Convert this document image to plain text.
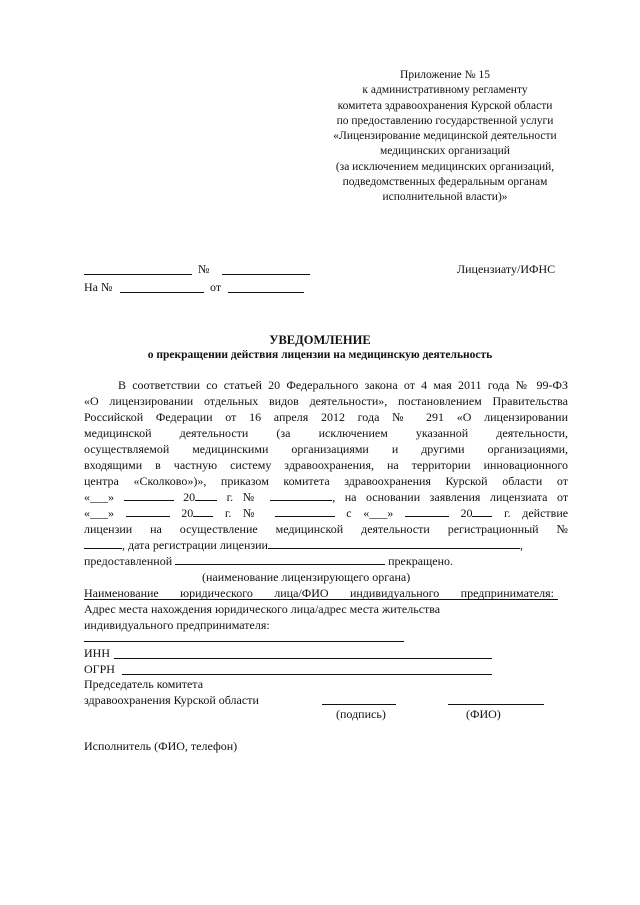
Приложение № 15
к административному регламенту
комитета здравоохранения Курской области
по предоставлению государственной услуги
«Лицензирование медицинской деятельности
медицинских организаций
(за исключением медицинских организаций,
подведомственных федеральным органам
исполнительной власти)»
№
На №	от
Лицензиату/ИФНС
УВЕДОМЛЕНИЕ
о прекращении действия лицензии на медицинскую деятельность
В соответствии со статьей 20 Федерального закона от 4 мая 2011 года № 99-ФЗ
«О лицензировании отдельных видов деятельности», постановлением Правительства
Российской Федерации от 16 апреля 2012 года № 291 «О лицензировании
медицинской деятельности (за исключением указанной деятельности,
осуществляемой медицинскими организациями и другими организациями,
входящими в частную систему здравоохранения, на территории инновационного
центра «Сколково»)», приказом комитета здравоохранения Курской области от
«___»	20	г. №	, на основании заявления лицензиата от
«___»	20	г. №	с «___»	20	г. действие
лицензии на осуществление медицинской деятельности регистрационный №
, дата регистрации лицензии	,
предоставленной	прекращено.
(наименование лицензирующего органа)
Наименование юридического лица/ФИО индивидуального предпринимателя:
Адрес места нахождения юридического лица/адрес места жительства
индивидуального предпринимателя:
ИНН
ОГРН
Председатель комитета
здравоохранения Курской области
(подпись)	(ФИО)
Исполнитель (ФИО, телефон)
